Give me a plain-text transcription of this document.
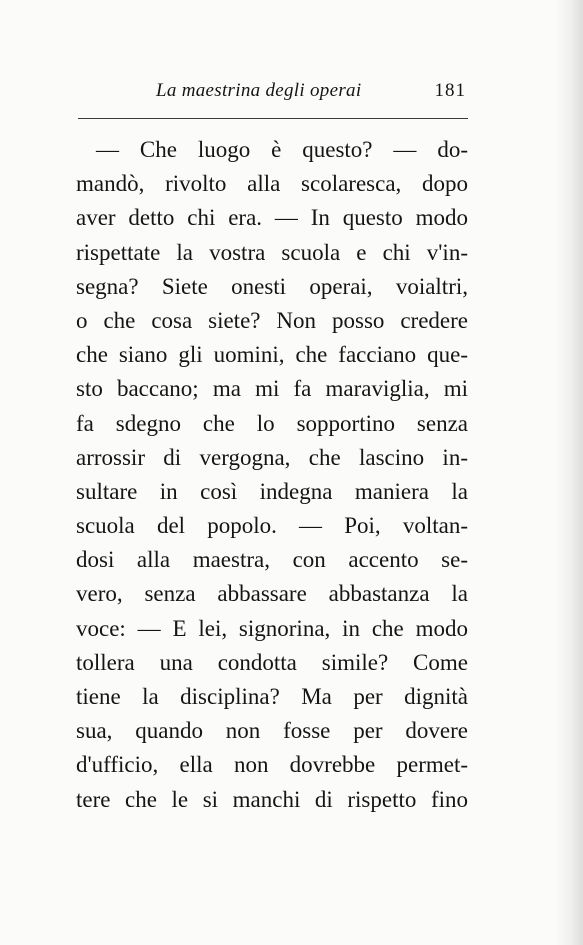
La maestrina degli operai	181
— Che luogo è questo? — do-
mandò, rivolto alla scolaresca, dopo
aver detto chi era. — In questo modo
rispettate la vostra scuola e chi v'in-
segna? Siete onesti operai, voialtri,
o che cosa siete? Non posso credere
che siano gli uomini, che facciano que-
sto baccano; ma mi fa maraviglia, mi
fa sdegno che lo sopportino senza
arrossir di vergogna, che lascino in-
sultare in così indegna maniera la
scuola del popolo. — Poi, voltan-
dosi alla maestra, con accento se-
vero, senza abbassare abbastanza la
voce: — E lei, signorina, in che modo
tollera una condotta simile? Come
tiene la disciplina? Ma per dignità
sua, quando non fosse per dovere
d'ufficio, ella non dovrebbe permet-
tere che le si manchi di rispetto fino
